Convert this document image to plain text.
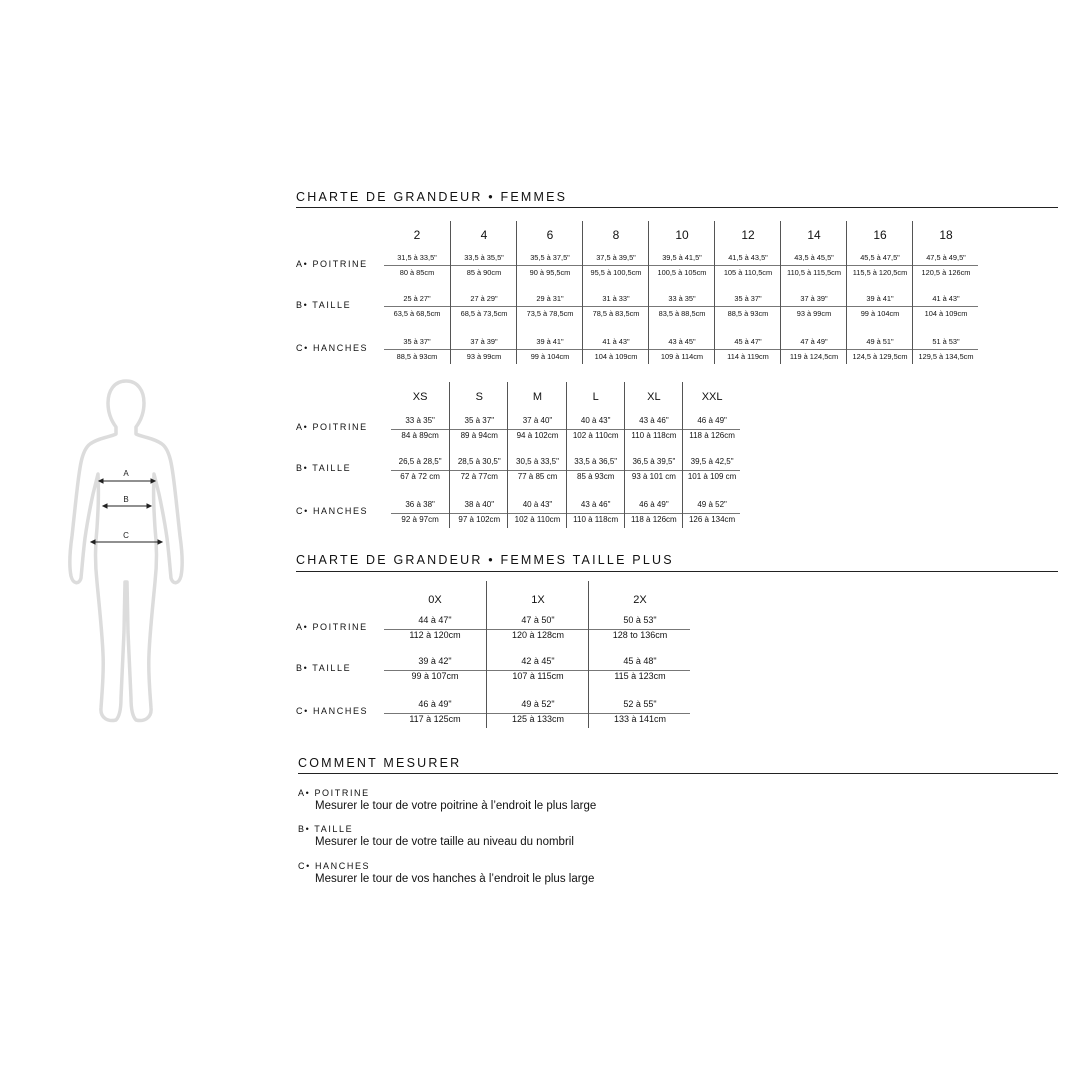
CHARTE DE GRANDEUR • FEMMES
A• POITRINE
B• TAILLE
C• HANCHES
2
31,5 à 33,5"
80 à 85cm
25 à 27"
63,5 à 68,5cm
35 à 37"
88,5 à 93cm
4
33,5 à 35,5"
85 à 90cm
27 à 29"
68,5 à 73,5cm
37 à 39"
93 à 99cm
6
35,5 à 37,5"
90 à 95,5cm
29 à 31"
73,5 à 78,5cm
39 à 41"
99 à 104cm
8
37,5 à 39,5"
95,5 à 100,5cm
31 à 33"
78,5 à 83,5cm
41 à 43"
104 à 109cm
10
39,5 à 41,5"
100,5 à 105cm
33 à 35"
83,5 à 88,5cm
43 à 45"
109 à 114cm
12
41,5 à 43,5"
105 à 110,5cm
35 à 37"
88,5 à 93cm
45 à 47"
114 à 119cm
14
43,5 à 45,5"
110,5 à 115,5cm
37 à 39"
93 à 99cm
47 à 49"
119 à 124,5cm
16
45,5 à 47,5"
115,5 à 120,5cm
39 à 41"
99 à 104cm
49 à 51"
124,5 à 129,5cm
18
47,5 à 49,5"
120,5 à 126cm
41 à 43"
104 à 109cm
51 à 53"
129,5 à 134,5cm
A• POITRINE
B• TAILLE
C• HANCHES
XS
33 à 35"
84 à 89cm
26,5 à 28,5"
67 à 72 cm
36 à 38"
92 à 97cm
S
35 à 37"
89 à 94cm
28,5 à 30,5"
72 à 77cm
38 à 40"
97 à 102cm
M
37 à 40"
94 à 102cm
30,5 à 33,5"
77 à 85 cm
40 à 43"
102 à 110cm
L
40 à 43"
102 à 110cm
33,5 à 36,5"
85 à 93cm
43 à 46"
110 à 118cm
XL
43 à 46"
110 à 118cm
36,5 à 39,5"
93 à 101 cm
46 à 49"
118 à 126cm
XXL
46 à 49"
118 à 126cm
39,5 à 42,5"
101 à 109 cm
49 à 52"
126 à 134cm
CHARTE DE GRANDEUR • FEMMES TAILLE PLUS
A• POITRINE
B• TAILLE
C• HANCHES
0X
44 à 47"
112 à 120cm
39 à 42"
99 à 107cm
46 à 49"
117 à 125cm
1X
47 à 50"
120 à 128cm
42 à 45"
107 à 115cm
49 à 52"
125 à 133cm
2X
50 à 53"
128 to 136cm
45 à 48"
115 à 123cm
52 à 55"
133 à 141cm
COMMENT MESURER
A• POITRINE
Mesurer le tour de votre poitrine à l’endroit le plus large
B• TAILLE
Mesurer le tour de votre taille au niveau du nombril
C• HANCHES
Mesurer le tour de vos hanches à l’endroit le plus large
A
B
C
